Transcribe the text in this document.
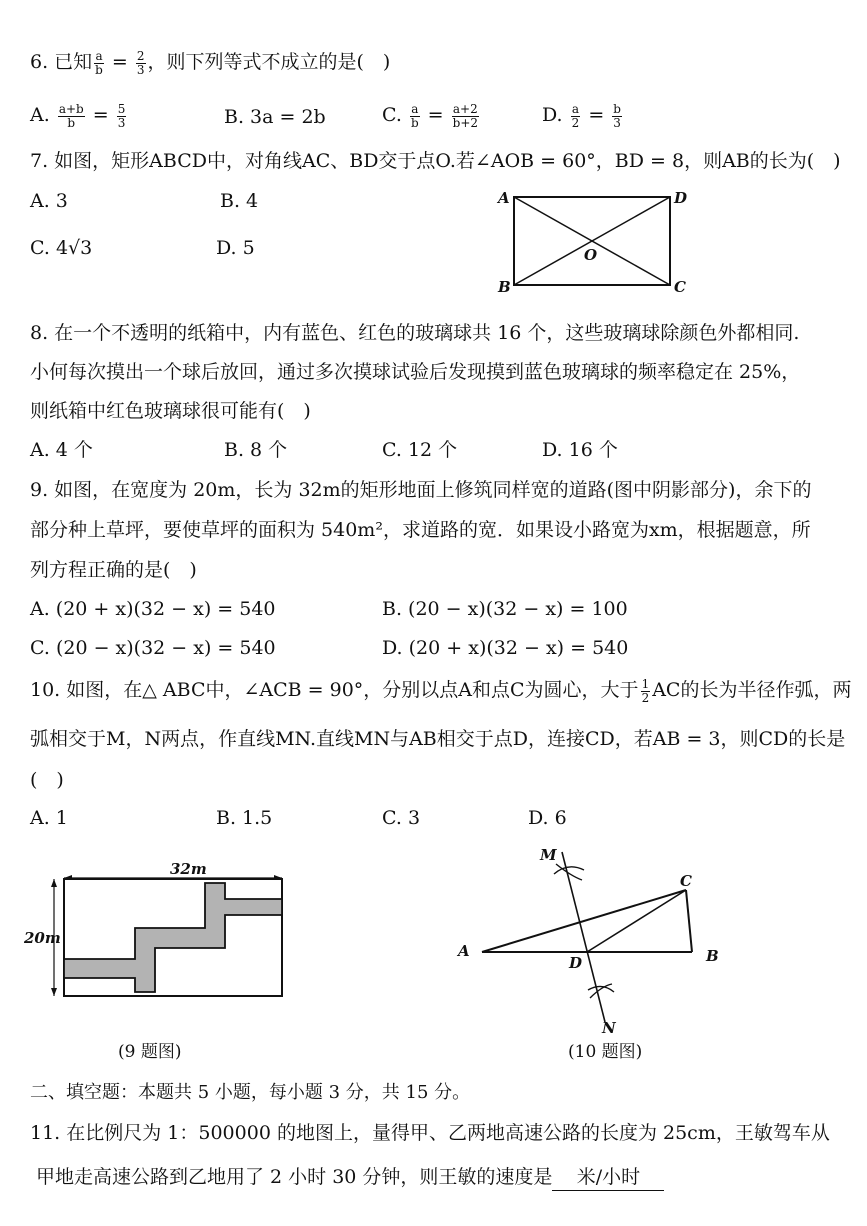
6. 已知 $\frac{a}{b} = \frac{2}{3}$ ，则下列等式不成立的是(　)
A. $\frac{a+b}{b} = \frac{5}{3}$	B. 3a = 2b	C. $\frac{a}{b} = \frac{a+2}{b+2}$	D. $\frac{a}{2} = \frac{b}{3}$
7. 如图，矩形ABCD中，对角线AC、BD交于点O.若∠AOB = 60°，BD = 8，则AB的长为(　)
A. 3	B. 4
C. 4√3	D. 5
A	D
B	C
O
8. 在一个不透明的纸箱中，内有蓝色、红色的玻璃球共 16 个，这些玻璃球除颜色外都相同.
小何每次摸出一个球后放回，通过多次摸球试验后发现摸到蓝色玻璃球的频率稳定在 25%，
则纸箱中红色玻璃球很可能有(　)
A. 4 个	B. 8 个	C. 12 个	D. 16 个
9. 如图，在宽度为 20m，长为 32m的矩形地面上修筑同样宽的道路(图中阴影部分)，余下的
部分种上草坪，要使草坪的面积为 540m²，求道路的宽．如果设小路宽为xm，根据题意，所
列方程正确的是(　)
A. (20 + x)(32 − x) = 540	B. (20 − x)(32 − x) = 100
C. (20 − x)(32 − x) = 540	D. (20 + x)(32 − x) = 540
10. 如图，在△ ABC中，∠ACB = 90°，分别以点A和点C为圆心，大于 $\frac{1}{2}$ AC的长为半径作弧，两
弧相交于M，N两点，作直线MN.直线MN与AB相交于点D，连接CD，若AB = 3，则CD的长是
(　)
A. 1	B. 1.5	C. 3	D. 6
32m
20m
(9 题图)
M
C
A
D	B
N
(10 题图)
二、填空题：本题共 5 小题，每小题 3 分，共 15 分。
11. 在比例尺为 1：500000 的地图上，量得甲、乙两地高速公路的长度为 25cm，王敏驾车从
甲地走高速公路到乙地用了 2 小时 30 分钟，则王敏的速度是 米/小时
